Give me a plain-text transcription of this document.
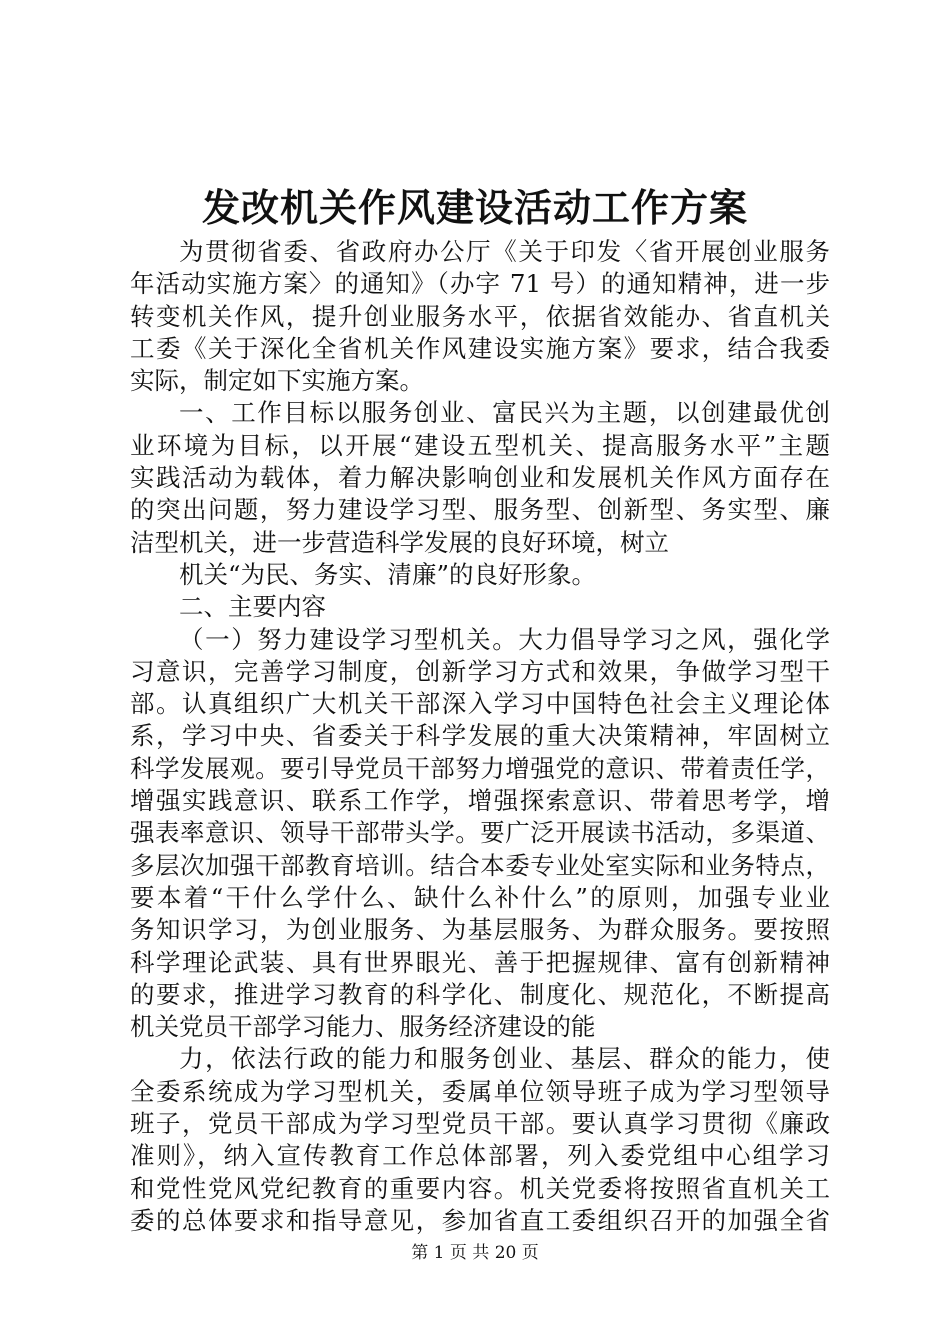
发改机关作风建设活动工作方案
为贯彻省委、省政府办公厅《关于印发〈省开展创业服务
年活动实施方案〉的通知》（办字 71 号）的通知精神，进一步
转变机关作风，提升创业服务水平，依据省效能办、省直机关
工委《关于深化全省机关作风建设实施方案》要求，结合我委
实际，制定如下实施方案。
一、工作目标以服务创业、富民兴为主题，以创建最优创
业环境为目标，以开展“建设五型机关、提高服务水平”主题
实践活动为载体，着力解决影响创业和发展机关作风方面存在
的突出问题，努力建设学习型、服务型、创新型、务实型、廉
洁型机关，进一步营造科学发展的良好环境，树立
机关“为民、务实、清廉”的良好形象。
二、主要内容
（一）努力建设学习型机关。大力倡导学习之风，强化学
习意识，完善学习制度，创新学习方式和效果，争做学习型干
部。认真组织广大机关干部深入学习中国特色社会主义理论体
系，学习中央、省委关于科学发展的重大决策精神，牢固树立
科学发展观。要引导党员干部努力增强党的意识、带着责任学，
增强实践意识、联系工作学，增强探索意识、带着思考学，增
强表率意识、领导干部带头学。要广泛开展读书活动，多渠道、
多层次加强干部教育培训。结合本委专业处室实际和业务特点，
要本着“干什么学什么、缺什么补什么”的原则，加强专业业
务知识学习，为创业服务、为基层服务、为群众服务。要按照
科学理论武装、具有世界眼光、善于把握规律、富有创新精神
的要求，推进学习教育的科学化、制度化、规范化，不断提高
机关党员干部学习能力、服务经济建设的能
力，依法行政的能力和服务创业、基层、群众的能力，使
全委系统成为学习型机关，委属单位领导班子成为学习型领导
班子，党员干部成为学习型党员干部。要认真学习贯彻《廉政
准则》，纳入宣传教育工作总体部署，列入委党组中心组学习
和党性党风党纪教育的重要内容。机关党委将按照省直机关工
委的总体要求和指导意见，参加省直工委组织召开的加强全省
第 1 页 共 20 页
